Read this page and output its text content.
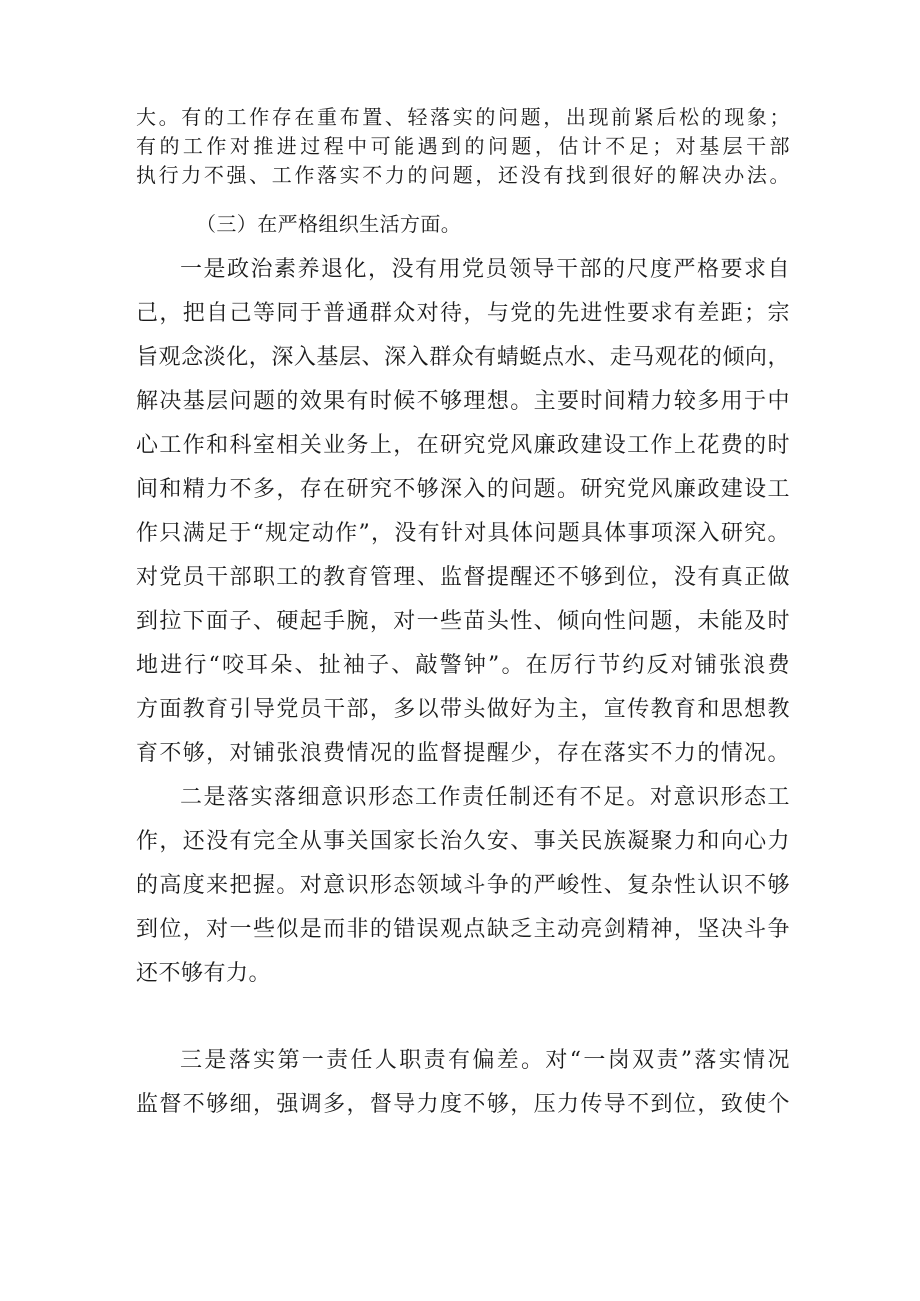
大。有的工作存在重布置、轻落实的问题，出现前紧后松的现象；
有的工作对推进过程中可能遇到的问题，估计不足；对基层干部
执行力不强、工作落实不力的问题，还没有找到很好的解决办法。
（三）在严格组织生活方面。
一是政治素养退化，没有用党员领导干部的尺度严格要求自
己，把自己等同于普通群众对待，与党的先进性要求有差距；宗
旨观念淡化，深入基层、深入群众有蜻蜓点水、走马观花的倾向，
解决基层问题的效果有时候不够理想。主要时间精力较多用于中
心工作和科室相关业务上，在研究党风廉政建设工作上花费的时
间和精力不多，存在研究不够深入的问题。研究党风廉政建设工
作只满足于“规定动作”，没有针对具体问题具体事项深入研究。
对党员干部职工的教育管理、监督提醒还不够到位，没有真正做
到拉下面子、硬起手腕，对一些苗头性、倾向性问题，未能及时
地进行“咬耳朵、扯袖子、敲警钟”。在厉行节约反对铺张浪费
方面教育引导党员干部，多以带头做好为主，宣传教育和思想教
育不够，对铺张浪费情况的监督提醒少，存在落实不力的情况。
二是落实落细意识形态工作责任制还有不足。对意识形态工
作，还没有完全从事关国家长治久安、事关民族凝聚力和向心力
的高度来把握。对意识形态领域斗争的严峻性、复杂性认识不够
到位，对一些似是而非的错误观点缺乏主动亮剑精神，坚决斗争
还不够有力。
三是落实第一责任人职责有偏差。对“一岗双责”落实情况
监督不够细，强调多，督导力度不够，压力传导不到位，致使个
